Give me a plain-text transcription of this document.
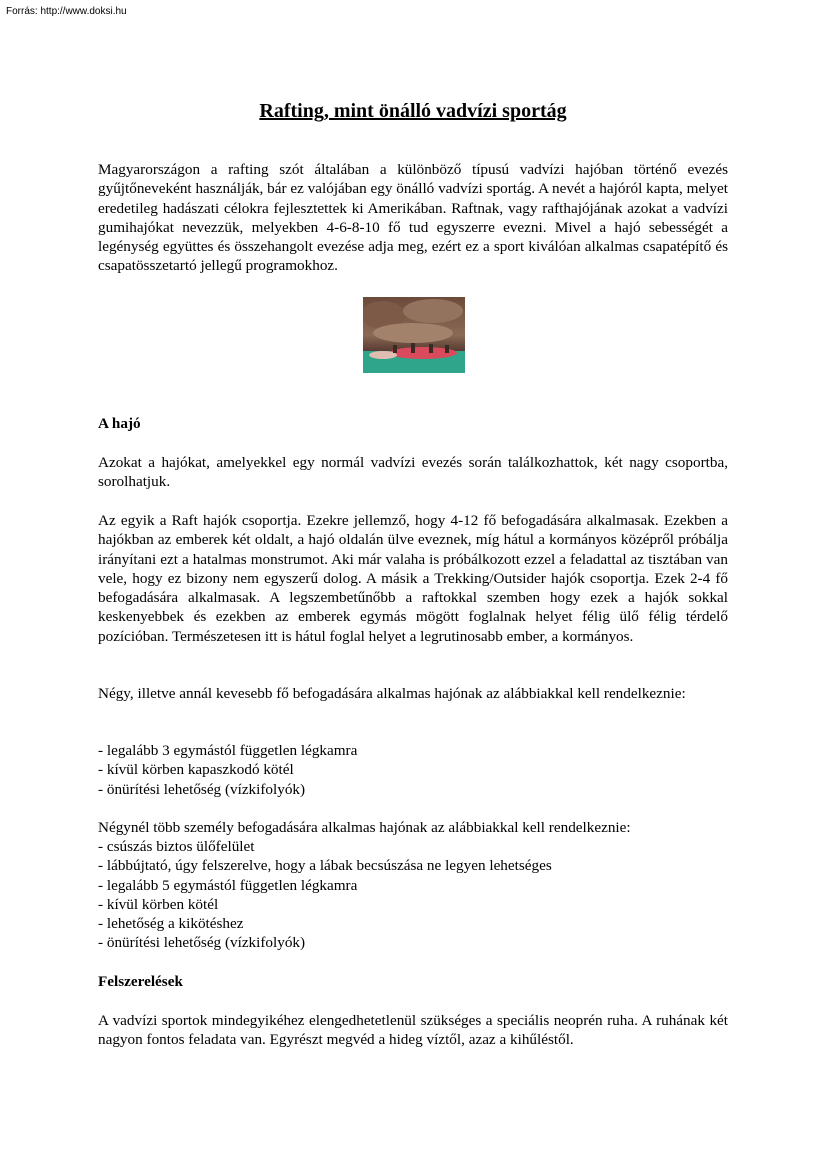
Forrás: http://www.doksi.hu
Rafting, mint önálló vadvízi sportág

Magyarországon a rafting szót általában a különböző típusú vadvízi hajóban történő evezés gyűjtőneveként használják, bár ez valójában egy önálló vadvízi sportág. A nevét a hajóról kapta, melyet eredetileg hadászati célokra fejlesztettek ki Amerikában. Raftnak, vagy rafthajójának azokat a vadvízi gumihajókat nevezzük, melyekben 4-6-8-10 fő tud egyszerre evezni. Mivel a hajó sebességét a legénység együttes és összehangolt evezése adja meg, ezért ez a sport kiválóan alkalmas csapatépítő és csapatösszetartó jellegű programokhoz.

A hajó

Azokat a hajókat, amelyekkel egy normál vadvízi evezés során találkozhattok, két nagy csoportba, sorolhatjuk.

Az egyik a Raft hajók csoportja. Ezekre jellemző, hogy 4-12 fő befogadására alkalmasak. Ezekben a hajókban az emberek két oldalt, a hajó oldalán ülve eveznek, míg hátul a kormányos középről próbálja irányítani ezt a hatalmas monstrumot. Aki már valaha is próbálkozott ezzel a feladattal az tisztában van vele, hogy ez bizony nem egyszerű dolog. A másik a Trekking/Outsider hajók csoportja. Ezek 2-4 fő befogadására alkalmasak. A legszembetűnőbb a raftokkal szemben hogy ezek a hajók sokkal keskenyebbek és ezekben az emberek egymás mögött foglalnak helyet félig ülő félig térdelő pozícióban. Természetesen itt is hátul foglal helyet a legrutinosabb ember, a kormányos.

Négy, illetve annál kevesebb fő befogadására alkalmas hajónak az alábbiakkal kell rendelkeznie:

- legalább 3 egymástól független légkamra
- kívül körben kapaszkodó kötél
- önürítési lehetőség (vízkifolyók)

Négynél több személy befogadására alkalmas hajónak az alábbiakkal kell rendelkeznie:

- csúszás biztos ülőfelület
- lábbújtató, úgy felszerelve, hogy a lábak becsúszása ne legyen lehetséges
- legalább 5 egymástól független légkamra
- kívül körben kötél
- lehetőség a kikötéshez
- önürítési lehetőség (vízkifolyók)
Felszerelések

A vadvízi sportok mindegyikéhez elengedhetetlenül szükséges a speciális neoprén ruha. A ruhának két nagyon fontos feladata van. Egyrészt megvéd a hideg víztől, azaz a kihűléstől.
